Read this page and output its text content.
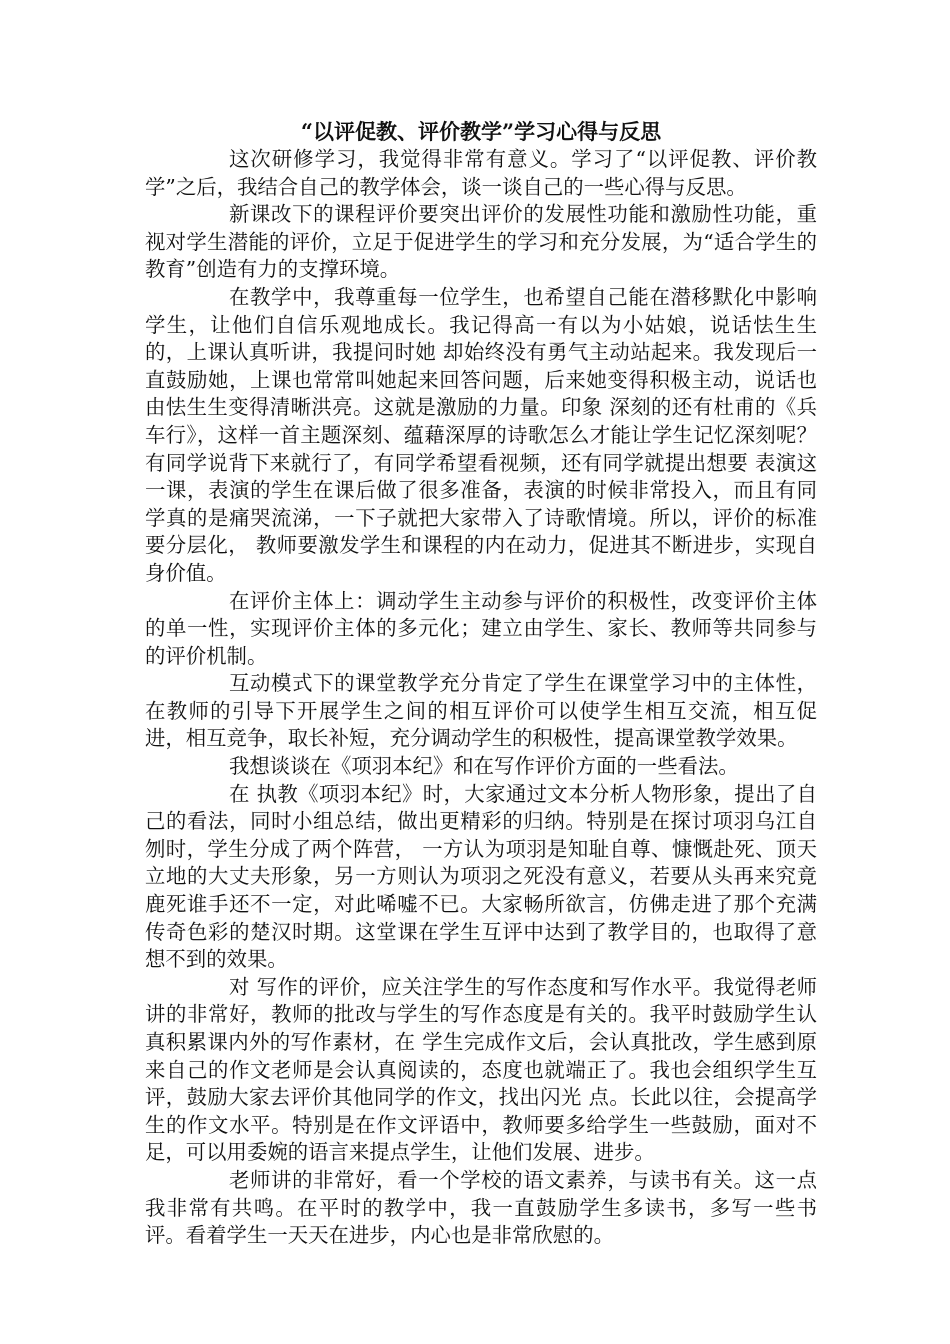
“以评促教、评价教学”学习心得与反思

这次研修学习，我觉得非常有意义。学习了“以评促教、评价教学”之后，我结合自己的教学体会，谈一谈自己的一些心得与反思。

新课改下的课程评价要突出评价的发展性功能和激励性功能，重视对学生潜能的评价，立足于促进学生的学习和充分发展，为“适合学生的教育”创造有力的支撑环境。

在教学中，我尊重每一位学生，也希望自己能在潜移默化中影响学生，让他们自信乐观地成长。我记得高一有以为小姑娘，说话怯生生的，上课认真听讲，我提问时她 却始终没有勇气主动站起来。我发现后一直鼓励她，上课也常常叫她起来回答问题，后来她变得积极主动，说话也由怯生生变得清晰洪亮。这就是激励的力量。印象 深刻的还有杜甫的《兵车行》，这样一首主题深刻、蕴藉深厚的诗歌怎么才能让学生记忆深刻呢？有同学说背下来就行了，有同学希望看视频，还有同学就提出想要 表演这一课，表演的学生在课后做了很多准备，表演的时候非常投入，而且有同学真的是痛哭流涕，一下子就把大家带入了诗歌情境。所以，评价的标准要分层化， 教师要激发学生和课程的内在动力，促进其不断进步，实现自身价值。

在评价主体上：调动学生主动参与评价的积极性，改变评价主体的单一性，实现评价主体的多元化；建立由学生、家长、教师等共同参与的评价机制。

互动模式下的课堂教学充分肯定了学生在课堂学习中的主体性，在教师的引导下开展学生之间的相互评价可以使学生相互交流，相互促进，相互竞争，取长补短，充分调动学生的积极性，提高课堂教学效果。

我想谈谈在《项羽本纪》和在写作评价方面的一些看法。

在 执教《项羽本纪》时，大家通过文本分析人物形象，提出了自己的看法，同时小组总结，做出更精彩的归纳。特别是在探讨项羽乌江自刎时，学生分成了两个阵营， 一方认为项羽是知耻自尊、慷慨赴死、顶天立地的大丈夫形象，另一方则认为项羽之死没有意义，若要从头再来究竟鹿死谁手还不一定，对此唏嘘不已。大家畅所欲言，仿佛走进了那个充满传奇色彩的楚汉时期。这堂课在学生互评中达到了教学目的，也取得了意想不到的效果。

对 写作的评价，应关注学生的写作态度和写作水平。我觉得老师讲的非常好，教师的批改与学生的写作态度是有关的。我平时鼓励学生认真积累课内外的写作素材，在 学生完成作文后，会认真批改，学生感到原来自己的作文老师是会认真阅读的，态度也就端正了。我也会组织学生互评，鼓励大家去评价其他同学的作文，找出闪光 点。长此以往，会提高学生的作文水平。特别是在作文评语中，教师要多给学生一些鼓励，面对不足，可以用委婉的语言来提点学生，让他们发展、进步。

老师讲的非常好，看一个学校的语文素养，与读书有关。这一点我非常有共鸣。在平时的教学中，我一直鼓励学生多读书，多写一些书评。看着学生一天天在进步，内心也是非常欣慰的。
